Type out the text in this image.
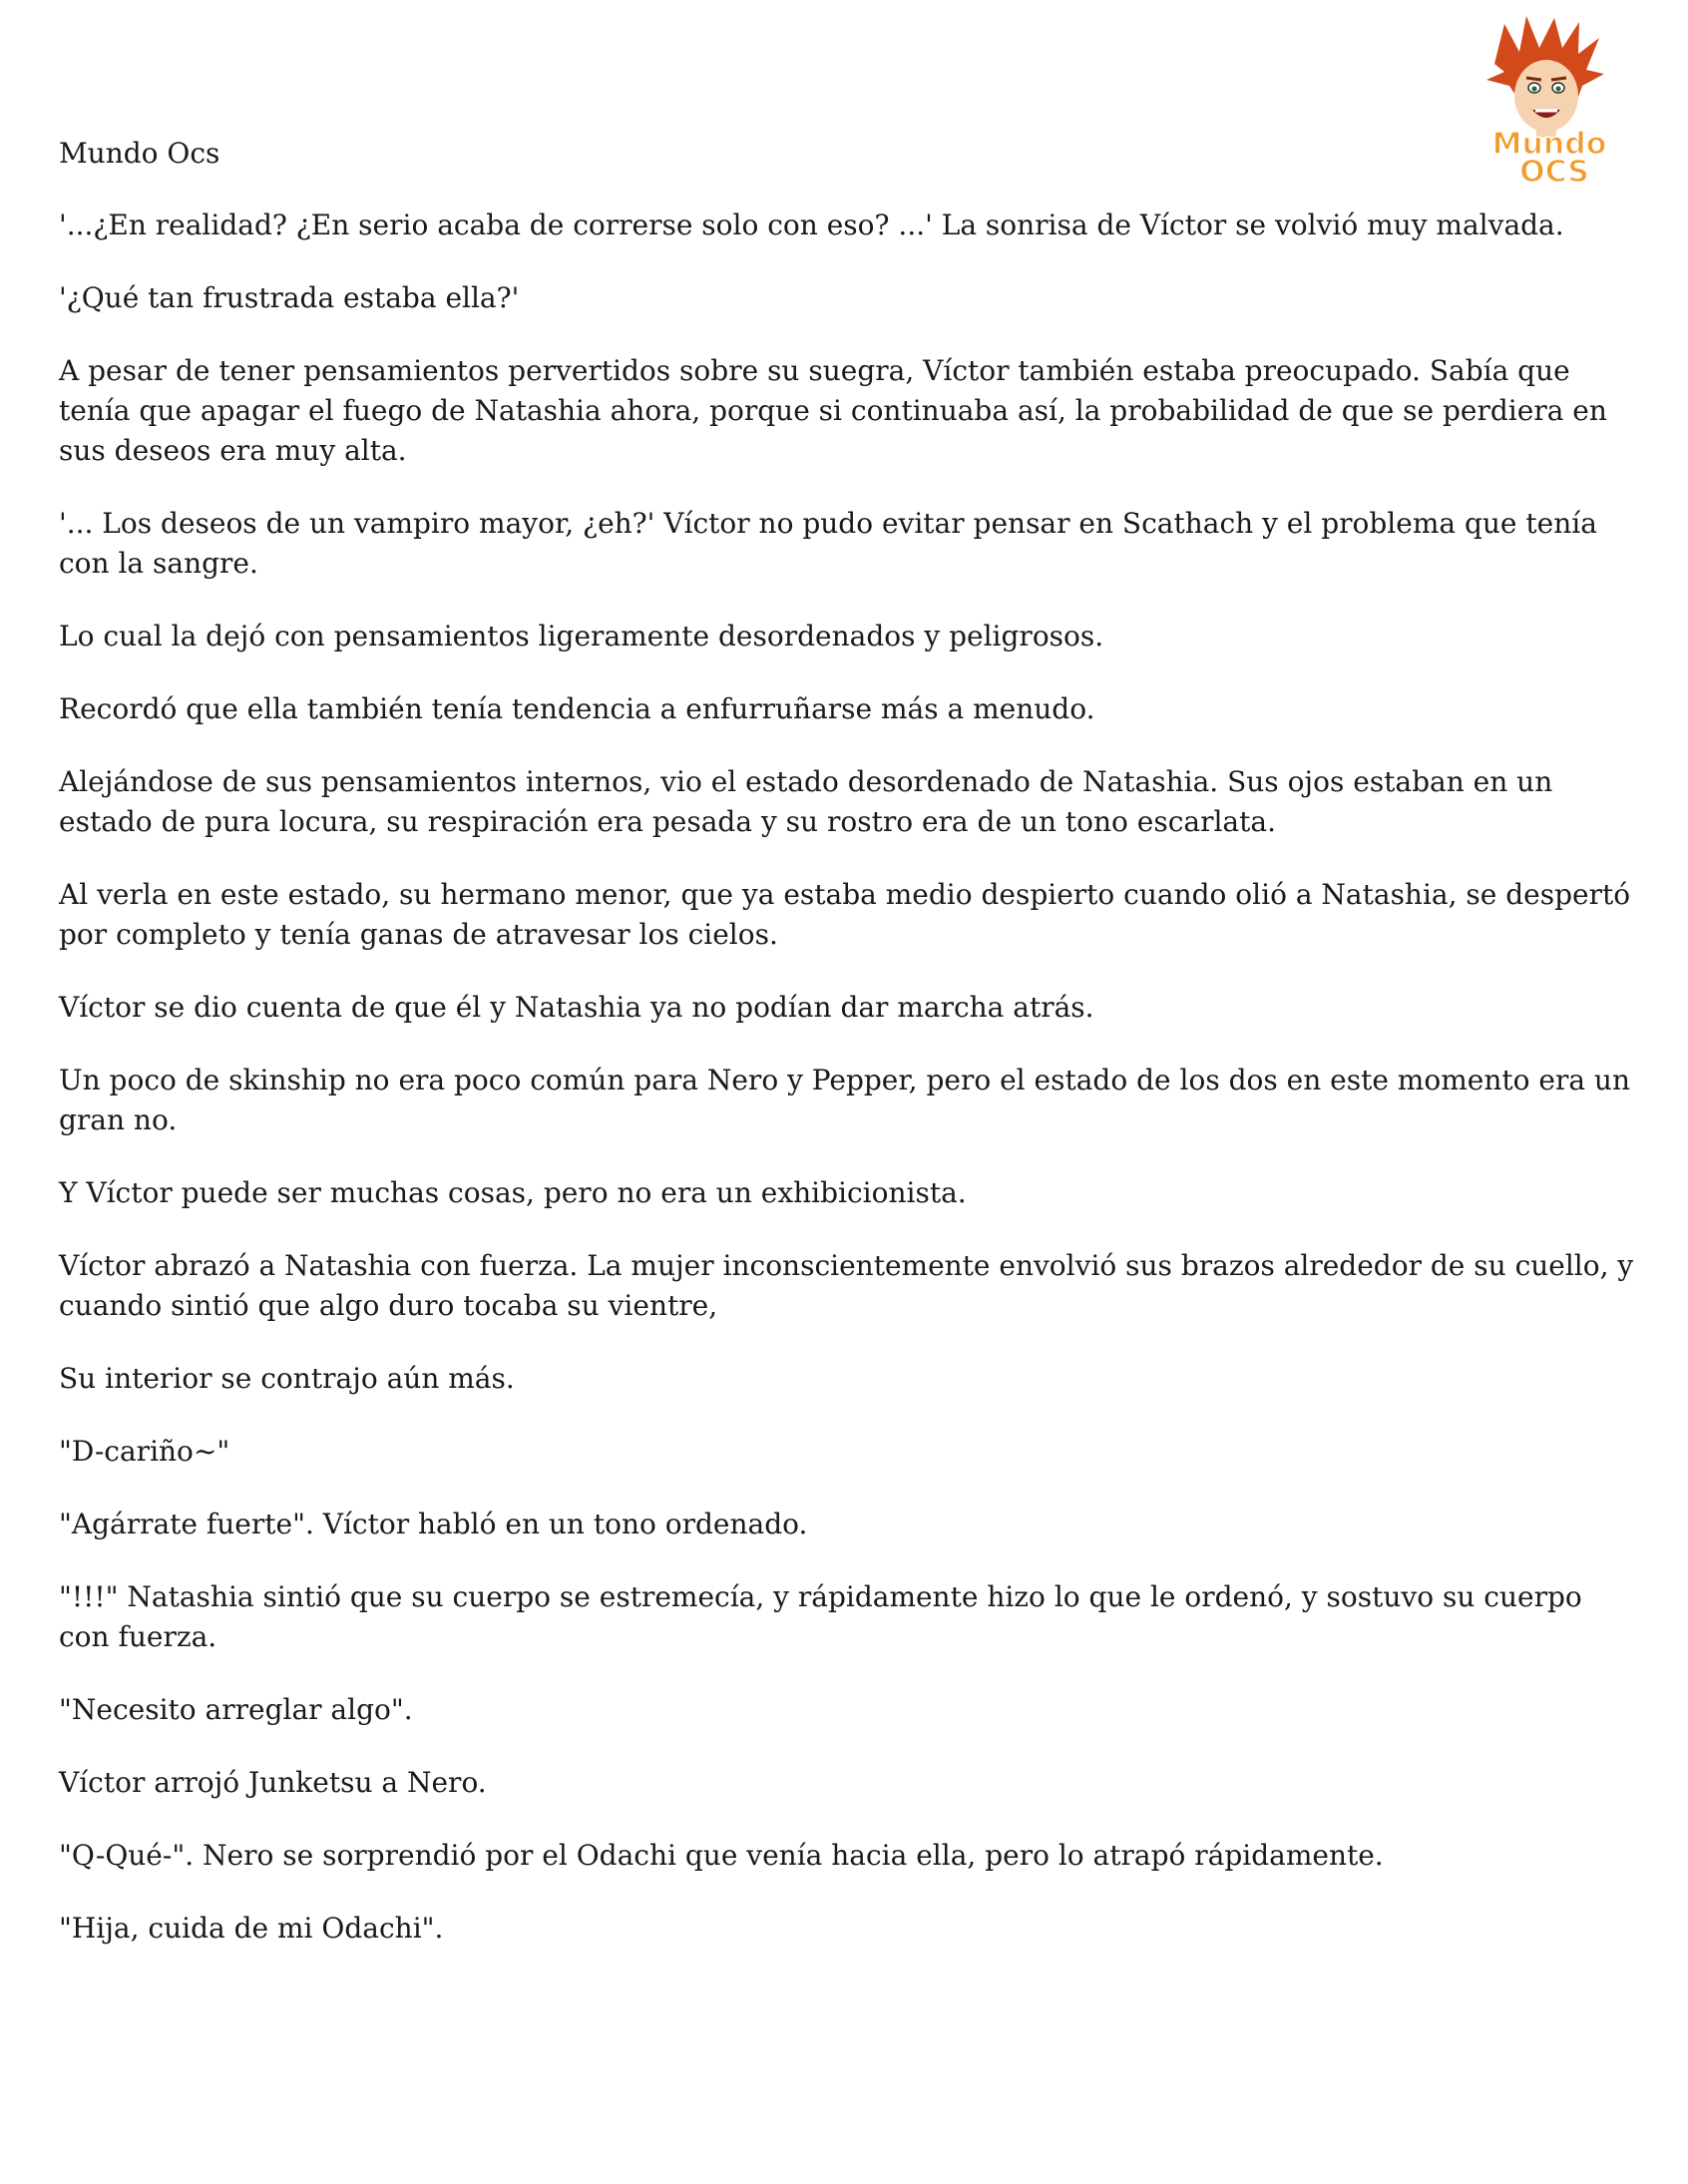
Mundo
OCS
Mundo Ocs

'...¿En realidad? ¿En serio acaba de correrse solo con eso? ...' La sonrisa de Víctor se volvió muy malvada.

'¿Qué tan frustrada estaba ella?'

A pesar de tener pensamientos pervertidos sobre su suegra, Víctor también estaba preocupado. Sabía que tenía que apagar el fuego de Natashia ahora, porque si continuaba así, la probabilidad de que se perdiera en sus deseos era muy alta.

'... Los deseos de un vampiro mayor, ¿eh?' Víctor no pudo evitar pensar en Scathach y el problema que tenía con la sangre.

Lo cual la dejó con pensamientos ligeramente desordenados y peligrosos.

Recordó que ella también tenía tendencia a enfurruñarse más a menudo.

Alejándose de sus pensamientos internos, vio el estado desordenado de Natashia. Sus ojos estaban en un estado de pura locura, su respiración era pesada y su rostro era de un tono escarlata.

Al verla en este estado, su hermano menor, que ya estaba medio despierto cuando olió a Natashia, se despertó por completo y tenía ganas de atravesar los cielos.

Víctor se dio cuenta de que él y Natashia ya no podían dar marcha atrás.

Un poco de skinship no era poco común para Nero y Pepper, pero el estado de los dos en este momento era un gran no.

Y Víctor puede ser muchas cosas, pero no era un exhibicionista.

Víctor abrazó a Natashia con fuerza. La mujer inconscientemente envolvió sus brazos alrededor de su cuello, y cuando sintió que algo duro tocaba su vientre,

Su interior se contrajo aún más.

"D-cariño~"

"Agárrate fuerte". Víctor habló en un tono ordenado.

"!!!" Natashia sintió que su cuerpo se estremecía, y rápidamente hizo lo que le ordenó, y sostuvo su cuerpo con fuerza.

"Necesito arreglar algo".

Víctor arrojó Junketsu a Nero.

"Q-Qué-". Nero se sorprendió por el Odachi que venía hacia ella, pero lo atrapó rápidamente.

"Hija, cuida de mi Odachi".
